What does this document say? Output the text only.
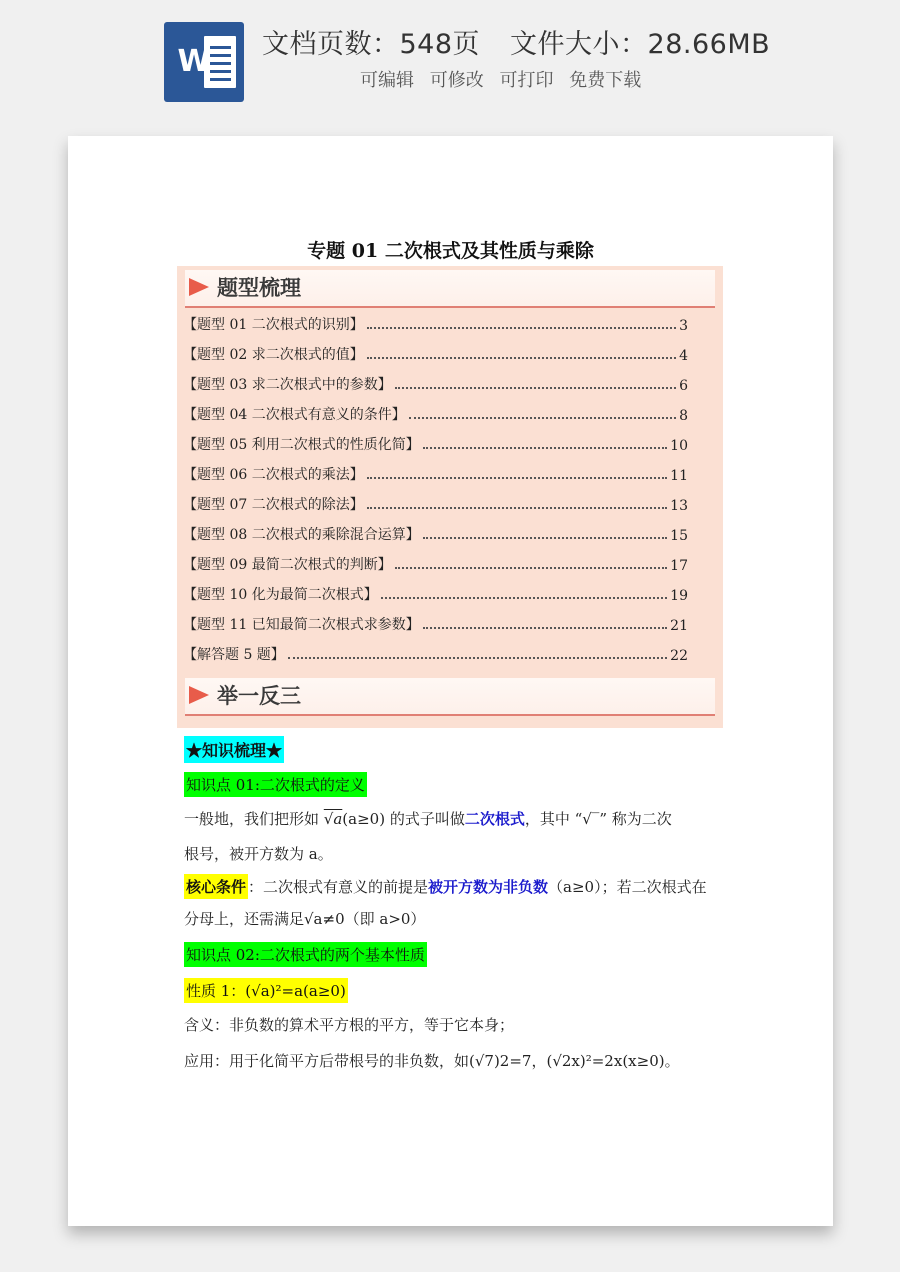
W 文档页数：548页 文件大小：28.66MB
可编辑 可修改 可打印 免费下载
专题 01 二次根式及其性质与乘除
题型梳理
【题型 01 二次根式的识别】	3
【题型 02 求二次根式的值】	4
【题型 03 求二次根式中的参数】	6
【题型 04 二次根式有意义的条件】	8
【题型 05 利用二次根式的性质化简】	10
【题型 06 二次根式的乘法】	11
【题型 07 二次根式的除法】	13
【题型 08 二次根式的乘除混合运算】	15
【题型 09 最简二次根式的判断】	17
【题型 10 化为最简二次根式】	19
【题型 11 已知最简二次根式求参数】	21
【解答题 5 题】	22
举一反三
★知识梳理★
知识点 01:二次根式的定义
一般地，我们把形如 √a(a≥0) 的式子叫做二次根式，其中 “√‾” 称为二次
根号，被开方数为 a。
核心条件 ：二次根式有意义的前提是被开方数为非负数（a≥0）；若二次根式在
分母上，还需满足√a≠0（即 a>0）
知识点 02:二次根式的两个基本性质
性质 1：(√a)²=a(a≥0)
含义：非负数的算术平方根的平方，等于它本身；
应用：用于化简平方后带根号的非负数，如(√7)2=7，(√2x)²=2x(x≥0)。
